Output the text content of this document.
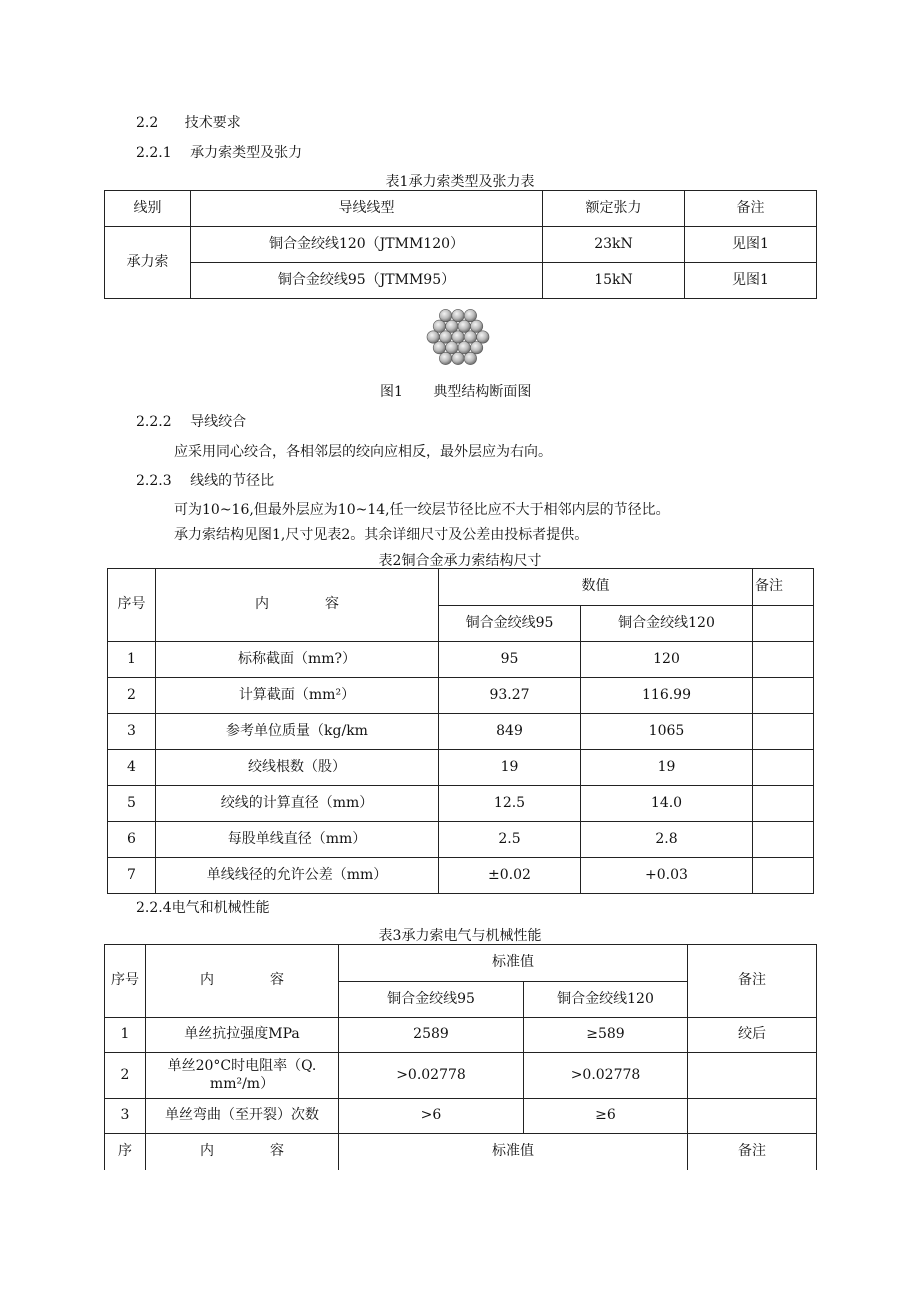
2.2 技术要求
2.2.1 承力索类型及张力
表1承力索类型及张力表
线别	导线线型	额定张力	备注
承力索	铜合金绞线120（JTMM120）	23kN	见图1
	铜合金绞线95（JTMM95）	15kN	见图1
图1 典型结构断面图
2.2.2 导线绞合
应采用同心绞合，各相邻层的绞向应相反，最外层应为右向。
2.2.3 线线的节径比
可为10~16,但最外层应为10~14,任一绞层节径比应不大于相邻内层的节径比。
承力索结构见图1,尺寸见表2。其余详细尺寸及公差由投标者提供。
表2铜合金承力索结构尺寸
序号	内　　　　容	数值		备注
		铜合金绞线95	铜合金绞线120	
1	标称截面（mm?）	95	120	
2	计算截面（mm²）	93.27	116.99	
3	参考单位质量（kg/km	849	1065	
4	绞线根数（股）	19	19	
5	绞线的计算直径（mm）	12.5	14.0	
6	每股单线直径（mm）	2.5	2.8	
7	单线线径的允许公差（mm）	±0.02	+0.03	
2.2.4电气和机械性能
表3承力索电气与机械性能
序号	内　　　　容	标准值		备注
		铜合金绞线95	铜合金绞线120	
1	单丝抗拉强度MPa	2589	≥589	绞后
2	单丝20°C时电阻率（Q.
mm²/m）	>0.02778	>0.02778	
3	单丝弯曲（至开裂）次数	>6	≥6	
序	内　　　　容	标准值		备注
